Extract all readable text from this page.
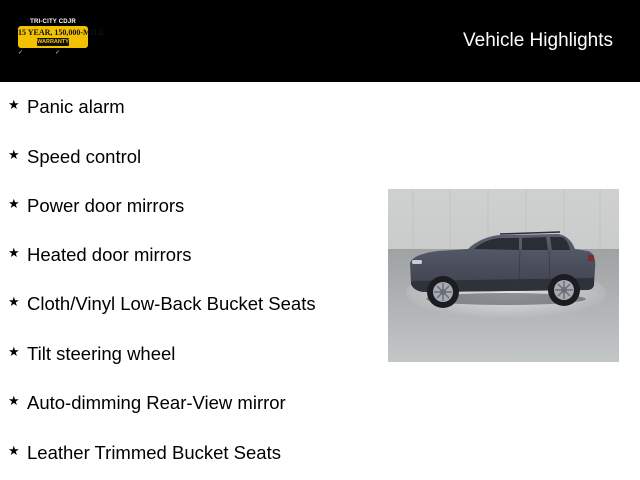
TRI-CITY CDJR
15 YEAR, 150,000-MILE
WARRANTY
✓	✓
Vehicle Highlights
★ Panic alarm
★ Speed control
★ Power door mirrors
★ Heated door mirrors
★ Cloth/Vinyl Low-Back Bucket Seats
★ Tilt steering wheel
★ Auto-dimming Rear-View mirror
★ Leather Trimmed Bucket Seats
